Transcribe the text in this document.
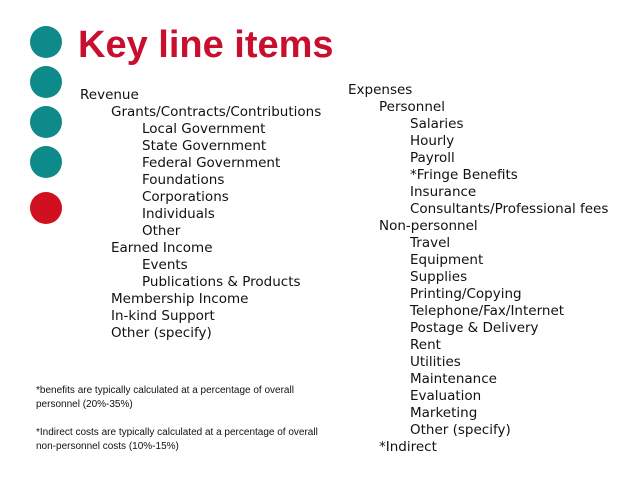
Key line items
Revenue
Grants/Contracts/Contributions
Local Government
State Government
Federal Government
Foundations
Corporations
Individuals
Other
Earned Income
Events
Publications & Products
Membership Income
In-kind Support
Other (specify)
Expenses
Personnel
Salaries
Hourly
Payroll
*Fringe Benefits
Insurance
Consultants/Professional fees
Non-personnel
Travel
Equipment
Supplies
Printing/Copying
Telephone/Fax/Internet
Postage & Delivery
Rent
Utilities
Maintenance
Evaluation
Marketing
Other (specify)
*Indirect

*benefits are typically calculated at a percentage of overall personnel (20%-35%)

*Indirect costs are typically calculated at a percentage of overall non-personnel costs (10%-15%)
